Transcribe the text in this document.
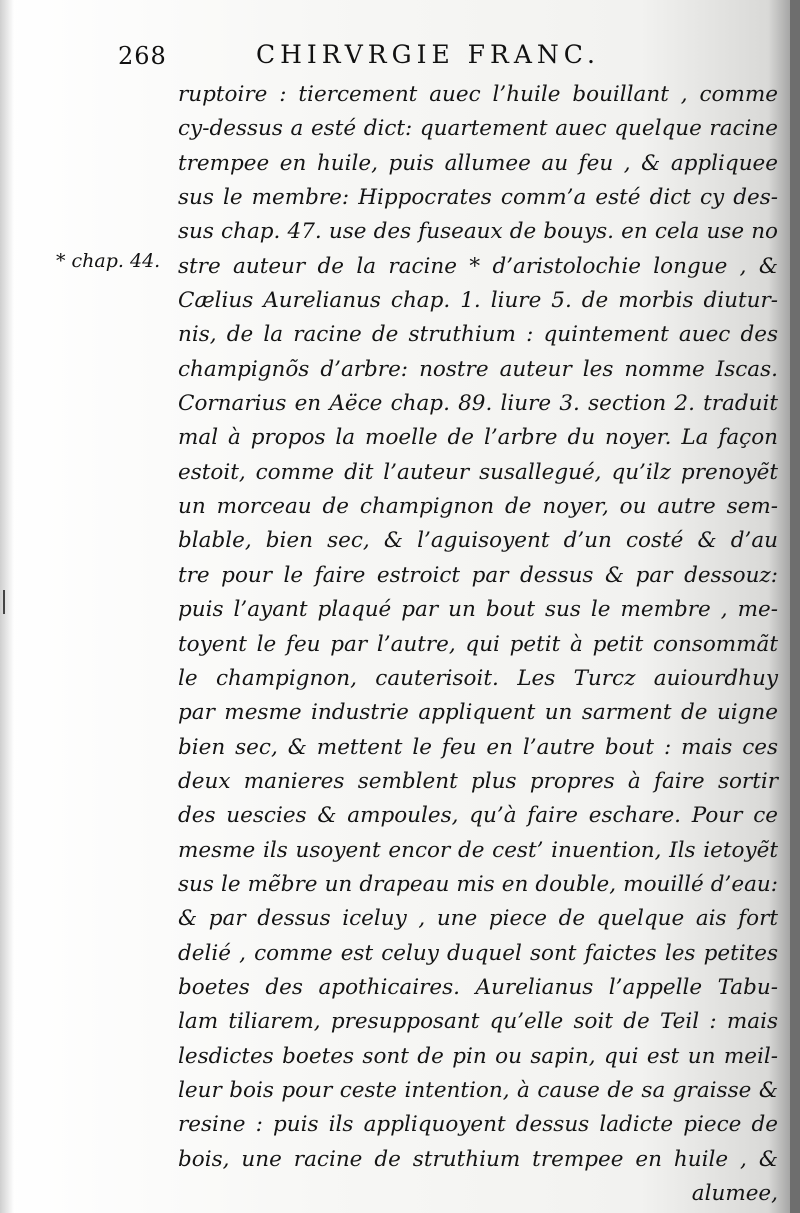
268	CHIRVRGIE FRANC.
* chap. 44.
ruptoire : tiercement auec l’huile bouillant , comme
cy-dessus a esté dict: quartement auec quelque racine
trempee en huile, puis allumee au feu , & appliquee
sus le membre: Hippocrates comm’a esté dict cy des-
sus chap. 47. use des fuseaux de bouys. en cela use no
stre auteur de la racine * d’aristolochie longue , &
Cælius Aurelianus chap. 1. liure 5. de morbis diutur-
nis, de la racine de struthium : quintement auec des
champignõs d’arbre: nostre auteur les nomme Iscas.
Cornarius en Aëce chap. 89. liure 3. section 2. traduit
mal à propos la moelle de l’arbre du noyer. La façon
estoit, comme dit l’auteur susallegué, qu’ilz prenoyẽt
un morceau de champignon de noyer, ou autre sem-
blable, bien sec, & l’aguisoyent d’un costé & d’au
tre pour le faire estroict par dessus & par dessouz:
puis l’ayant plaqué par un bout sus le membre , me-
toyent le feu par l’autre, qui petit à petit consommãt
le champignon, cauterisoit. Les Turcz auiourdhuy
par mesme industrie appliquent un sarment de uigne
bien sec, & mettent le feu en l’autre bout : mais ces
deux manieres semblent plus propres à faire sortir
des uescies & ampoules, qu’à faire eschare. Pour ce
mesme ils usoyent encor de cest’ inuention, Ils ietoyẽt
sus le mẽbre un drapeau mis en double, mouillé d’eau:
& par dessus iceluy , une piece de quelque ais fort
delié , comme est celuy duquel sont faictes les petites
boetes des apothicaires. Aurelianus l’appelle Tabu-
lam tiliarem, presupposant qu’elle soit de Teil : mais
lesdictes boetes sont de pin ou sapin, qui est un meil-
leur bois pour ceste intention, à cause de sa graisse &
resine : puis ils appliquoyent dessus ladicte piece de
bois, une racine de struthium trempee en huile , &
alumee,
